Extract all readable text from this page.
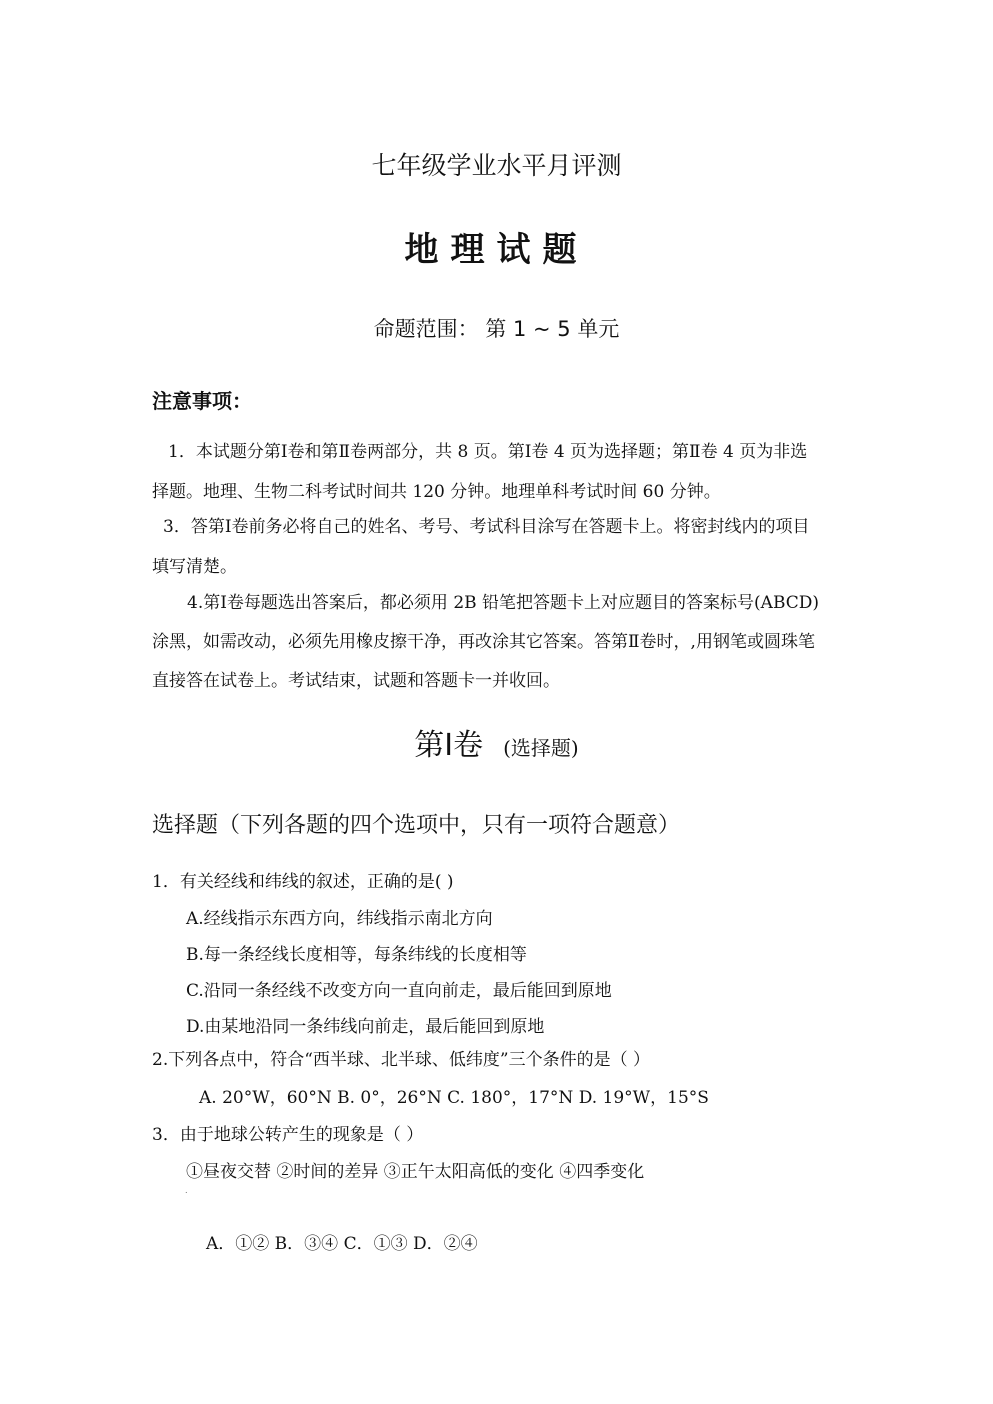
七年级学业水平月评测
地理试题
命题范围： 第 1 ~ 5 单元
注意事项：
1．本试题分第Ⅰ卷和第Ⅱ卷两部分，共 8 页。第Ⅰ卷 4 页为选择题；第Ⅱ卷 4 页为非选
择题。地理、生物二科考试时间共 120 分钟。地理单科考试时间 60 分钟。
3．答第Ⅰ卷前务必将自己的姓名、考号、考试科目涂写在答题卡上。将密封线内的项目
填写清楚。
4.第Ⅰ卷每题选出答案后，都必须用 2B 铅笔把答题卡上对应题目的答案标号(ABCD)
涂黑，如需改动，必须先用橡皮擦干净，再改涂其它答案。答第Ⅱ卷时，,用钢笔或圆珠笔
直接答在试卷上。考试结束，试题和答题卡一并收回。
第Ⅰ卷 (选择题)
选择题（下列各题的四个选项中，只有一项符合题意）
1．有关经线和纬线的叙述，正确的是( )
A.经线指示东西方向，纬线指示南北方向
B.每一条经线长度相等，每条纬线的长度相等
C.沿同一条经线不改变方向一直向前走，最后能回到原地
D.由某地沿同一条纬线向前走，最后能回到原地
2.下列各点中，符合“西半球、北半球、低纬度”三个条件的是（ ）
A. 20°W，60°N B. 0°，26°N C. 180°，17°N D. 19°W，15°S
3．由于地球公转产生的现象是（ ）
①昼夜交替 ②时间的差异 ③正午太阳高低的变化 ④四季变化
.
A．①② B．③④ C．①③ D．②④
